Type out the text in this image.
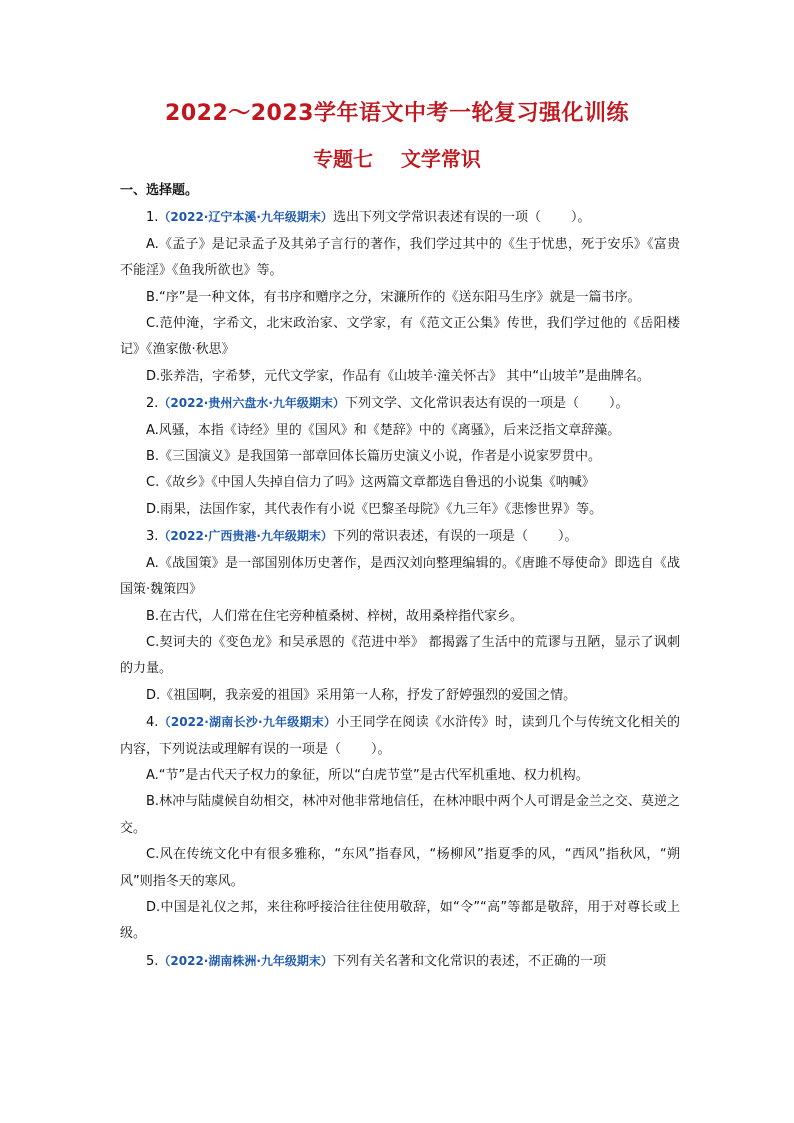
2022～2023学年语文中考一轮复习强化训练
专题七    文学常识
一、选择题。
1.（2022·辽宁本溪·九年级期末）选出下列文学常识表述有误的一项（ ）。
A.《孟子》是记录孟子及其弟子言行的著作，我们学过其中的《生于忧患，死于安乐》《富贵不能淫》《鱼我所欲也》等。
B.“序”是一种文体，有书序和赠序之分，宋濂所作的《送东阳马生序》就是一篇书序。
C.范仲淹，字希文，北宋政治家、文学家，有《范文正公集》传世，我们学过他的《岳阳楼记》《渔家傲·秋思》
D.张养浩，字希梦，元代文学家，作品有《山坡羊·潼关怀古》 其中“山坡羊”是曲牌名。
2.（2022·贵州六盘水·九年级期末）下列文学、文化常识表达有误的一项是（ ）。
A.风骚，本指《诗经》里的《国风》和《楚辞》中的《离骚》，后来泛指文章辞藻。
B.《三国演义》是我国第一部章回体长篇历史演义小说，作者是小说家罗贯中。
C.《故乡》《中国人失掉自信力了吗》这两篇文章都选自鲁迅的小说集《呐喊》
D.雨果，法国作家，其代表作有小说《巴黎圣母院》《九三年》《悲惨世界》等。
3.（2022·广西贵港·九年级期末）下列的常识表述，有误的一项是（ ）。
A.《战国策》是一部国别体历史著作，是西汉刘向整理编辑的。《唐雎不辱使命》即选自《战国策·魏策四》
B.在古代，人们常在住宅旁种植桑树、梓树，故用桑梓指代家乡。
C.契诃夫的《变色龙》和吴承恩的《范进中举》 都揭露了生活中的荒谬与丑陋，显示了讽刺的力量。
D.《祖国啊，我亲爱的祖国》采用第一人称，抒发了舒婷强烈的爱国之情。
4.（2022·湖南长沙·九年级期末）小王同学在阅读《水浒传》时，读到几个与传统文化相关的内容，下列说法或理解有误的一项是（ ）。
A.“节”是古代天子权力的象征，所以“白虎节堂”是古代军机重地、权力机构。
B.林冲与陆虞候自幼相交，林冲对他非常地信任，在林冲眼中两个人可谓是金兰之交、莫逆之交。
C.风在传统文化中有很多雅称，“东风”指春风，“杨柳风”指夏季的风，“西风”指秋风，“朔风”则指冬天的寒风。
D.中国是礼仪之邦，来往称呼接洽往往使用敬辞，如“令”“高”等都是敬辞，用于对尊长或上级。
5.（2022·湖南株洲·九年级期末）下列有关名著和文化常识的表述，不正确的一项
